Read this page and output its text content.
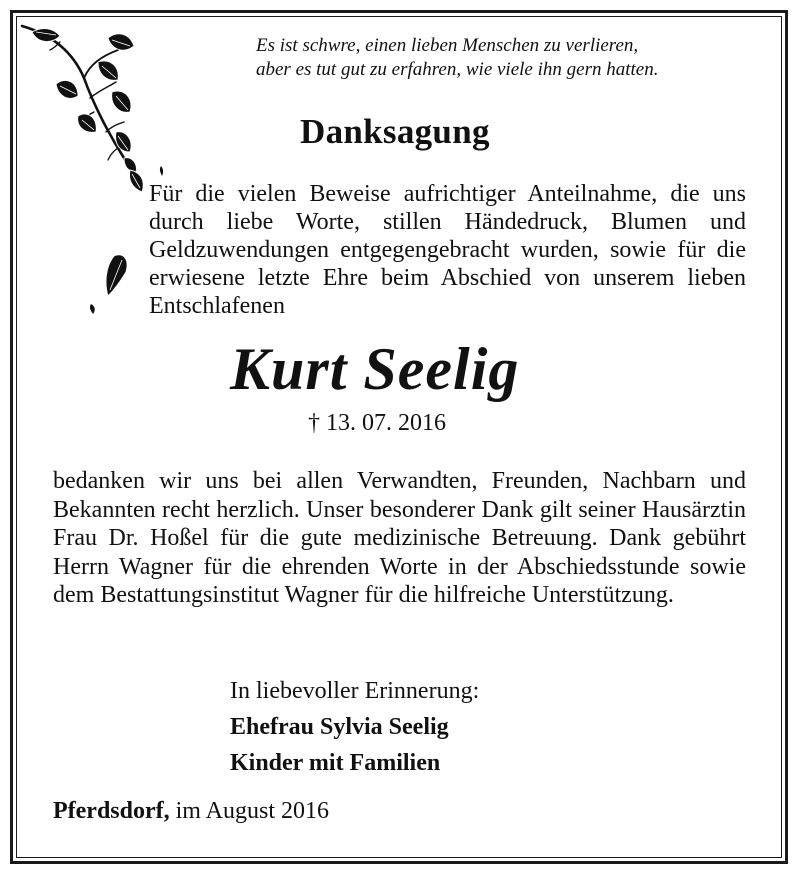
Es ist schwre, einen lieben Menschen zu verlieren,
aber es tut gut zu erfahren, wie viele ihn gern hatten.
Danksagung
Für die vielen Beweise aufrichtiger Anteilnahme, die uns durch liebe Worte, stillen Händedruck, Blumen und Geldzuwendungen entgegengebracht wurden, sowie für die erwiesene letzte Ehre beim Abschied von unserem lieben Entschlafenen
Kurt Seelig
† 13. 07. 2016
bedanken wir uns bei allen Verwandten, Freunden, Nachbarn und Bekannten recht herzlich. Unser besonderer Dank gilt seiner Hausärztin Frau Dr. Hoßel für die gute medizinische Betreuung. Dank gebührt Herrn Wagner für die ehrenden Worte in der Abschiedsstunde sowie dem Bestattungsinstitut Wagner für die hilfreiche Unterstützung.
In liebevoller Erinnerung:
Ehefrau Sylvia Seelig
Kinder mit Familien
Pferdsdorf, im August 2016
